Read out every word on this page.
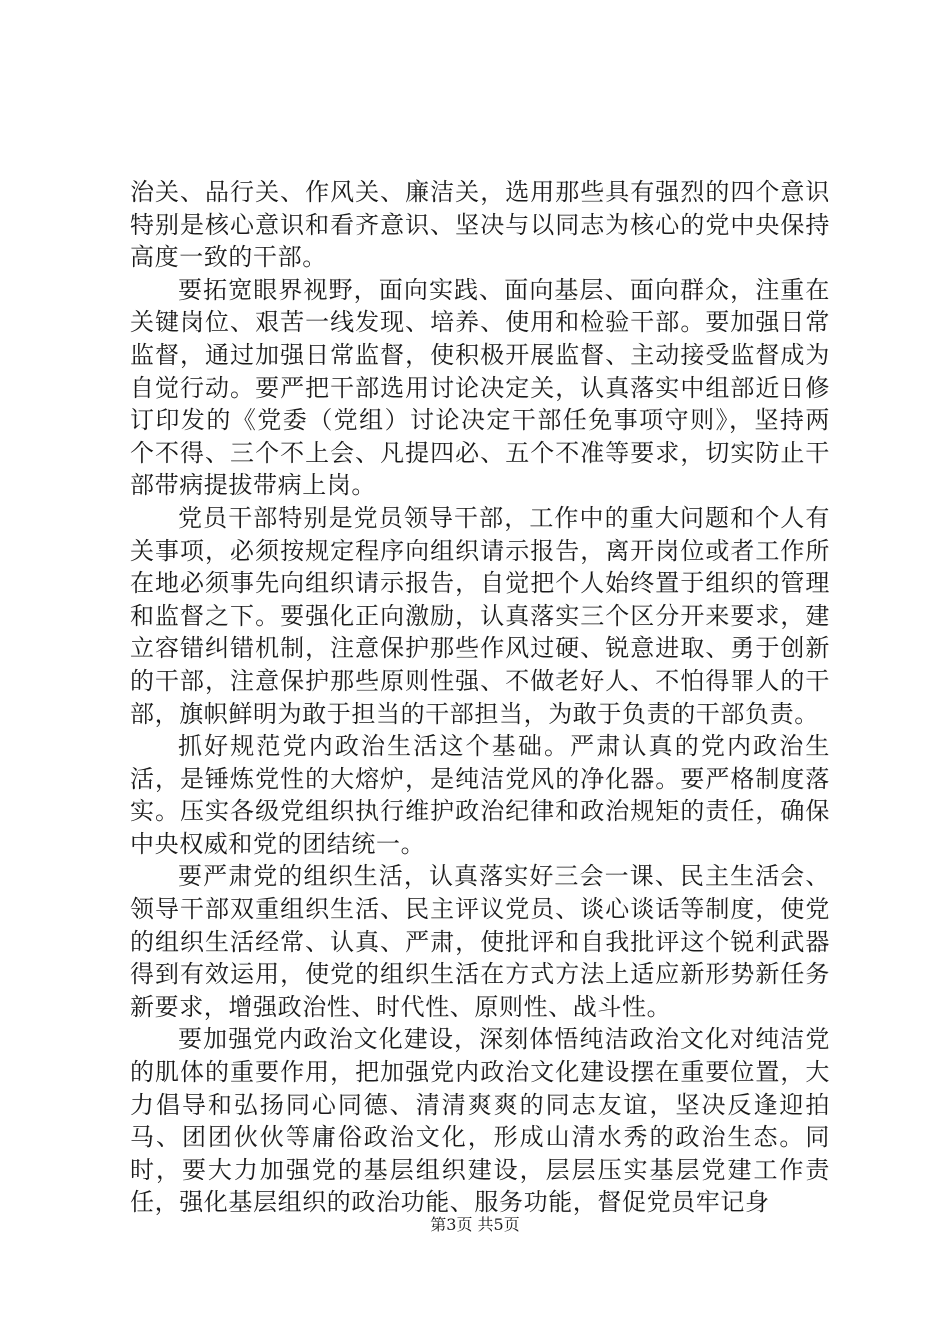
治关、品行关、作风关、廉洁关，选用那些具有强烈的四个意识特别是核心意识和看齐意识、坚决与以同志为核心的党中央保持高度一致的干部。

要拓宽眼界视野，面向实践、面向基层、面向群众，注重在关键岗位、艰苦一线发现、培养、使用和检验干部。要加强日常监督，通过加强日常监督，使积极开展监督、主动接受监督成为自觉行动。要严把干部选用讨论决定关，认真落实中组部近日修订印发的《党委（党组）讨论决定干部任免事项守则》，坚持两个不得、三个不上会、凡提四必、五个不准等要求，切实防止干部带病提拔带病上岗。

党员干部特别是党员领导干部，工作中的重大问题和个人有关事项，必须按规定程序向组织请示报告，离开岗位或者工作所在地必须事先向组织请示报告，自觉把个人始终置于组织的管理和监督之下。要强化正向激励，认真落实三个区分开来要求，建立容错纠错机制，注意保护那些作风过硬、锐意进取、勇于创新的干部，注意保护那些原则性强、不做老好人、不怕得罪人的干部，旗帜鲜明为敢于担当的干部担当，为敢于负责的干部负责。

抓好规范党内政治生活这个基础。严肃认真的党内政治生活，是锤炼党性的大熔炉，是纯洁党风的净化器。要严格制度落实。压实各级党组织执行维护政治纪律和政治规矩的责任，确保中央权威和党的团结统一。

要严肃党的组织生活，认真落实好三会一课、民主生活会、领导干部双重组织生活、民主评议党员、谈心谈话等制度，使党的组织生活经常、认真、严肃，使批评和自我批评这个锐利武器得到有效运用，使党的组织生活在方式方法上适应新形势新任务新要求，增强政治性、时代性、原则性、战斗性。

要加强党内政治文化建设，深刻体悟纯洁政治文化对纯洁党的肌体的重要作用，把加强党内政治文化建设摆在重要位置，大力倡导和弘扬同心同德、清清爽爽的同志友谊，坚决反逢迎拍马、团团伙伙等庸俗政治文化，形成山清水秀的政治生态。同时，要大力加强党的基层组织建设，层层压实基层党建工作责任，强化基层组织的政治功能、服务功能，督促党员牢记身

第3页 共5页
